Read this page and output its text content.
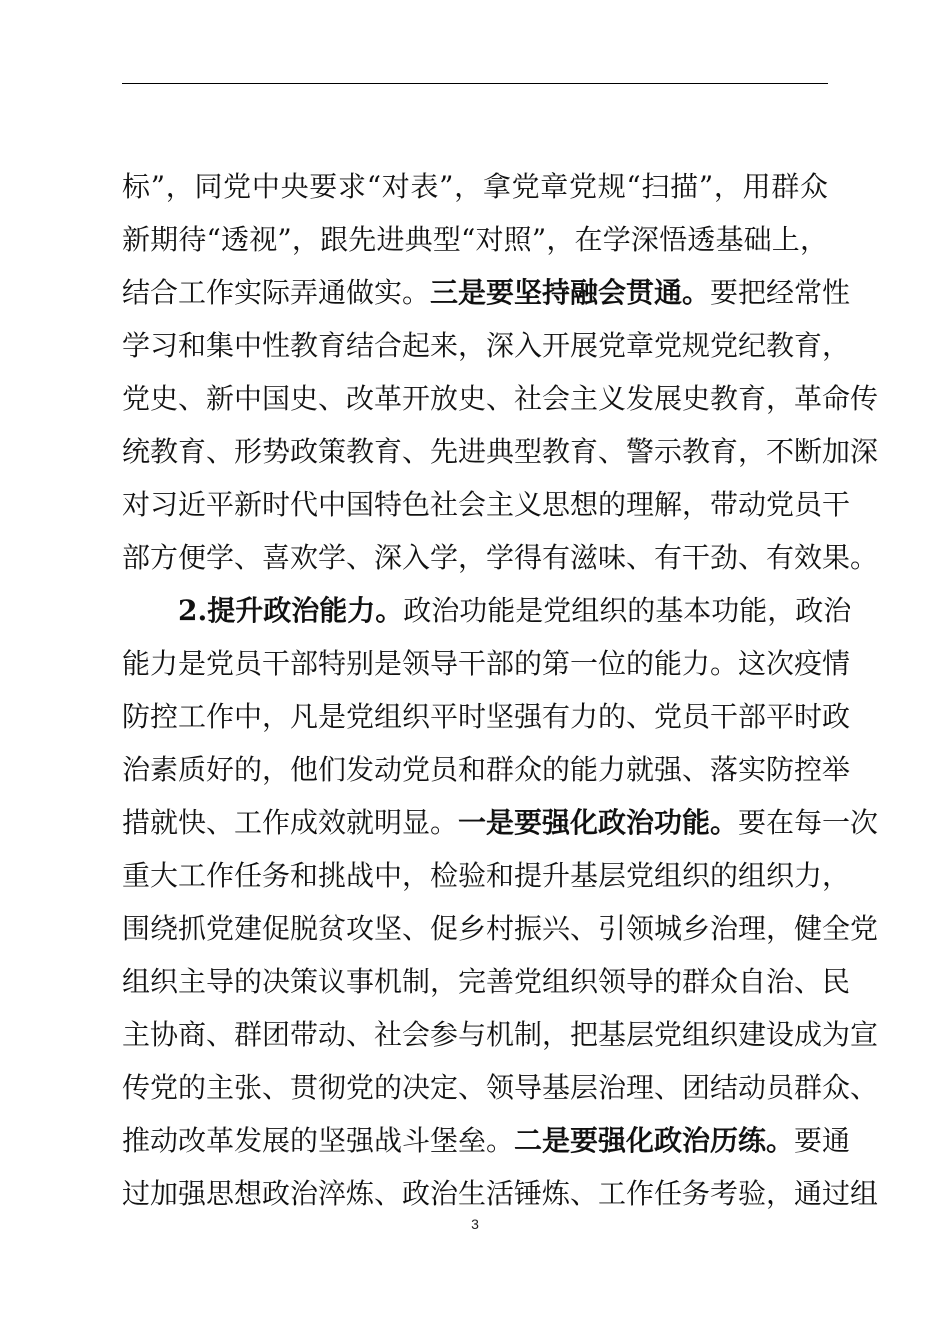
标”，同党中央要求“对表”，拿党章党规“扫描”，用群众
新期待“透视”，跟先进典型“对照”，在学深悟透基础上，
结合工作实际弄通做实。三是要坚持融会贯通。要把经常性
学习和集中性教育结合起来，深入开展党章党规党纪教育，
党史、新中国史、改革开放史、社会主义发展史教育，革命传
统教育、形势政策教育、先进典型教育、警示教育，不断加深
对习近平新时代中国特色社会主义思想的理解，带动党员干
部方便学、喜欢学、深入学，学得有滋味、有干劲、有效果。
2.提升政治能力。政治功能是党组织的基本功能，政治
能力是党员干部特别是领导干部的第一位的能力。这次疫情
防控工作中，凡是党组织平时坚强有力的、党员干部平时政
治素质好的，他们发动党员和群众的能力就强、落实防控举
措就快、工作成效就明显。一是要强化政治功能。要在每一次
重大工作任务和挑战中，检验和提升基层党组织的组织力，
围绕抓党建促脱贫攻坚、促乡村振兴、引领城乡治理，健全党
组织主导的决策议事机制，完善党组织领导的群众自治、民
主协商、群团带动、社会参与机制，把基层党组织建设成为宣
传党的主张、贯彻党的决定、领导基层治理、团结动员群众、
推动改革发展的坚强战斗堡垒。二是要强化政治历练。要通
过加强思想政治淬炼、政治生活锤炼、工作任务考验，通过组
3
